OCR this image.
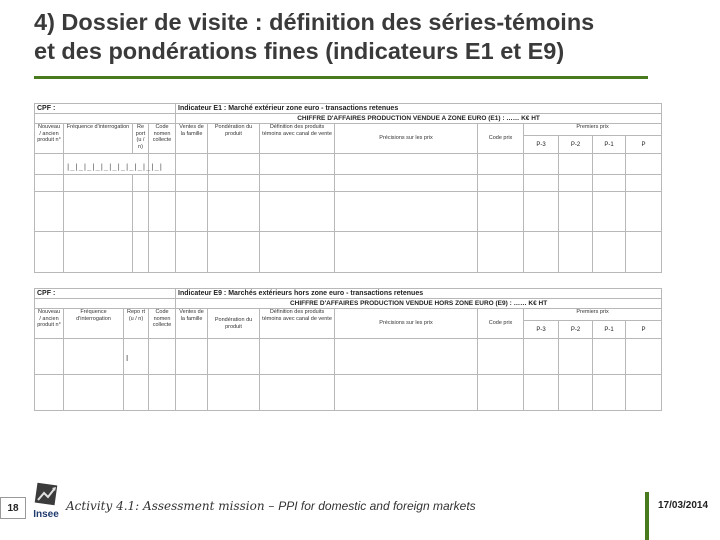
4) Dossier de visite : définition des séries-témoins
et des pondérations fines (indicateurs E1 et E9)
CPF :				Indicateur E1 : Marché extérieur zone euro - transactions retenues								
				CHIFFRE D'AFFAIRES PRODUCTION VENDUE A ZONE EURO (E1) : …… K€ HT								
Nouveau / ancien produit n°	Fréquence d'interrogation	Re port (u / n)	Code nomen collecte	Ventes de la famille	Pondération du produit	Définition des produits témoins avec canal de vente	Précisions sur les prix	Code prix	Premiers prix			
									P-3	P-2	P-1	P
	|_|_|_|_|_|_|_|_|_|_|_|											

CPF :				Indicateur E9 : Marchés extérieurs hors zone euro - transactions retenues								
				CHIFFRE D'AFFAIRES PRODUCTION VENDUE HORS ZONE EURO (E9) : …… K€ HT								
Nouveau / ancien produit n°	Fréquence d'interrogation	Repo rt (u / n)	Code nomen collecte	Ventes de la famille	Pondération du produit	Définition des produits témoins avec canal de vente	Précisions sur les prix	Code prix	Premiers prix			
									P-3	P-2	P-1	P
		I										

18
Insee
Activity 4.1: Assessment mission – PPI for domestic and foreign markets	17/03/2014
